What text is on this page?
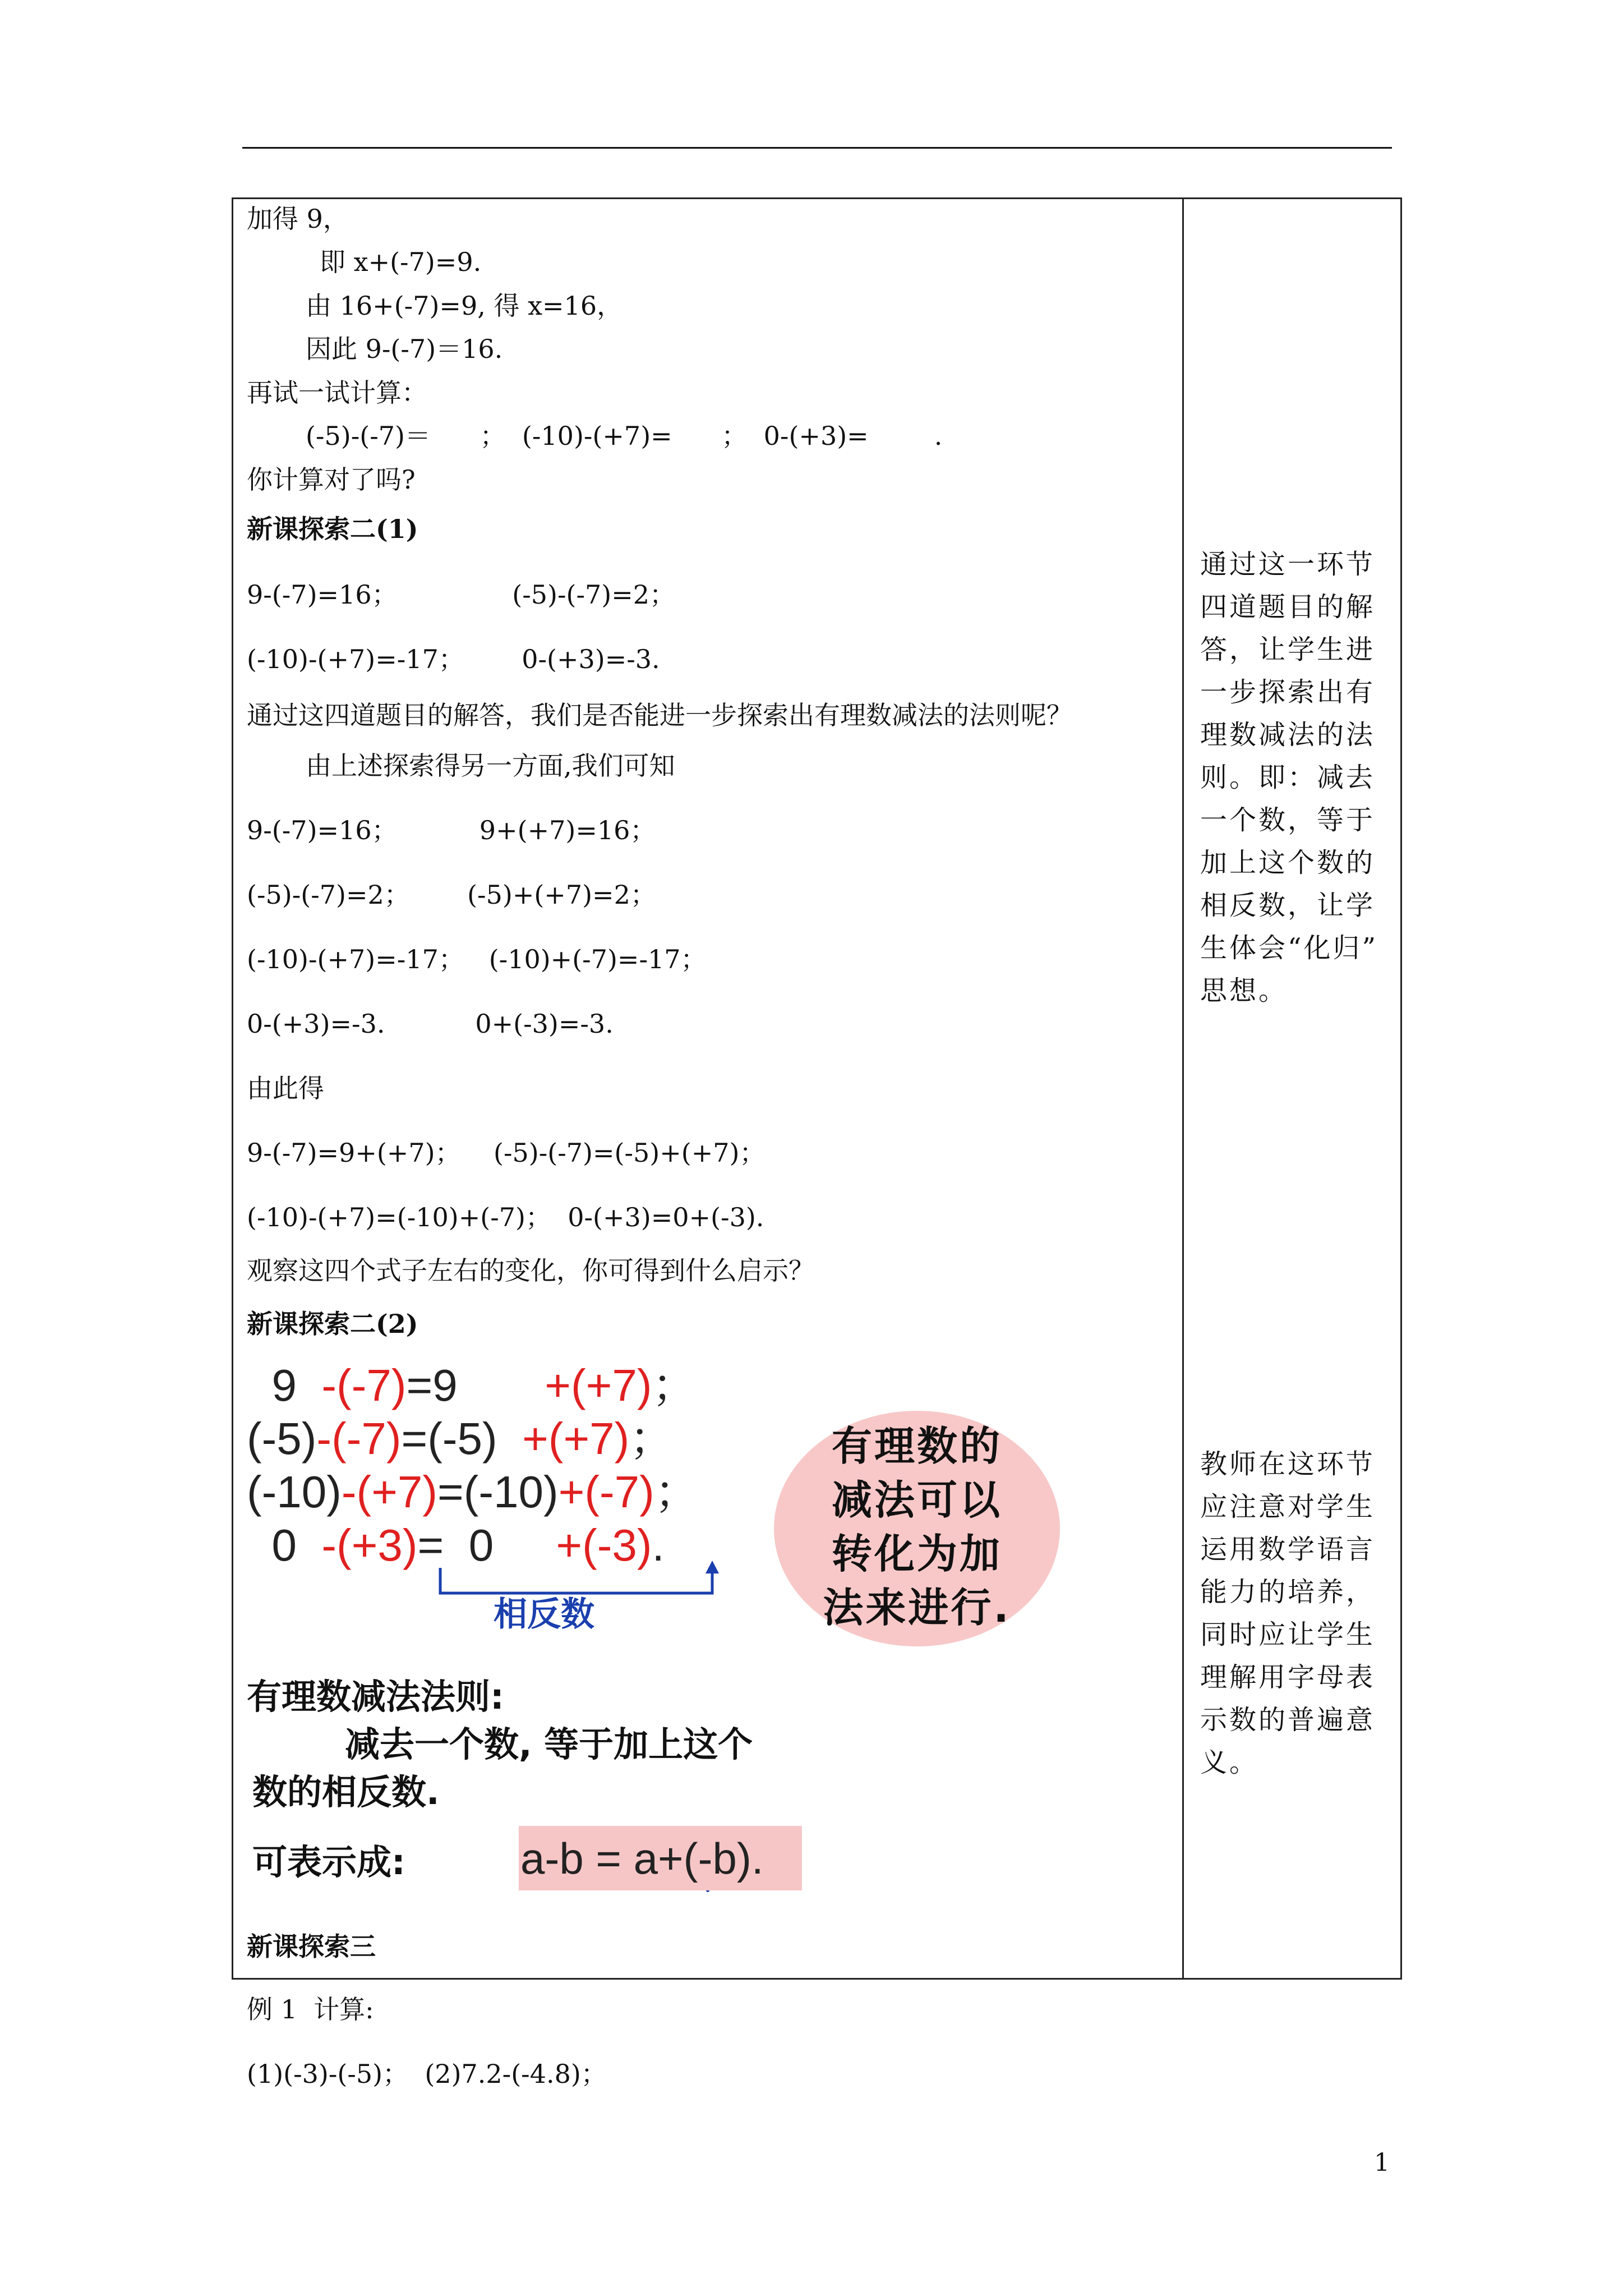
加得 9，
即 x+(-7)=9.
由 16+(-7)=9, 得 x=16，
因此 9-(-7)＝16.
再试一试计算：
(-5)-(-7)＝      ；  (-10)-(+7)=      ；  0-(+3)=        .
你计算对了吗?
新课探索二(1)
9-(-7)=16；              (-5)-(-7)=2；
(-10)-(+7)=-17；       0-(+3)=-3.
通过这四道题目的解答，我们是否能进一步探索出有理数减法的法则呢？
由上述探索得另一方面,我们可知
9-(-7)=16；          9+(+7)=16；
(-5)-(-7)=2；       (-5)+(+7)=2；
(-10)-(+7)=-17；   (-10)+(-7)=-17；
0-(+3)=-3.           0+(-3)=-3.
由此得
9-(-7)=9+(+7)；    (-5)-(-7)=(-5)+(+7)；
(-10)-(+7)=(-10)+(-7)；  0-(+3)=0+(-3).
观察这四个式子左右的变化，你可得到什么启示？
新课探索二(2)
9  -(-7)=9       +(+7)；
(-5)-(-7)=(-5)  +(+7)；
(-10)-(+7)=(-10)+(-7)；
0  -(+3)=  0     +(-3).
有理数的
减法可以
转化为加
法来进行.
相反数
有理数减法法则:
减去一个数, 等于加上这个
数的相反数.
可表示成:	a-b = a+(-b).
新课探索三
通过这一环节
四道题目的解
答，让学生进
一步探索出有
理数减法的法
则。即：减去
一个数，等于
加上这个数的
相反数，让学
生体会“化归”
思想。
教师在这环节
应注意对学生
运用数学语言
能力的培养，
同时应让学生
理解用字母表
示数的普遍意
义。
1
例 1  计算:
(1)(-3)-(-5)；  (2)7.2-(-4.8)；
